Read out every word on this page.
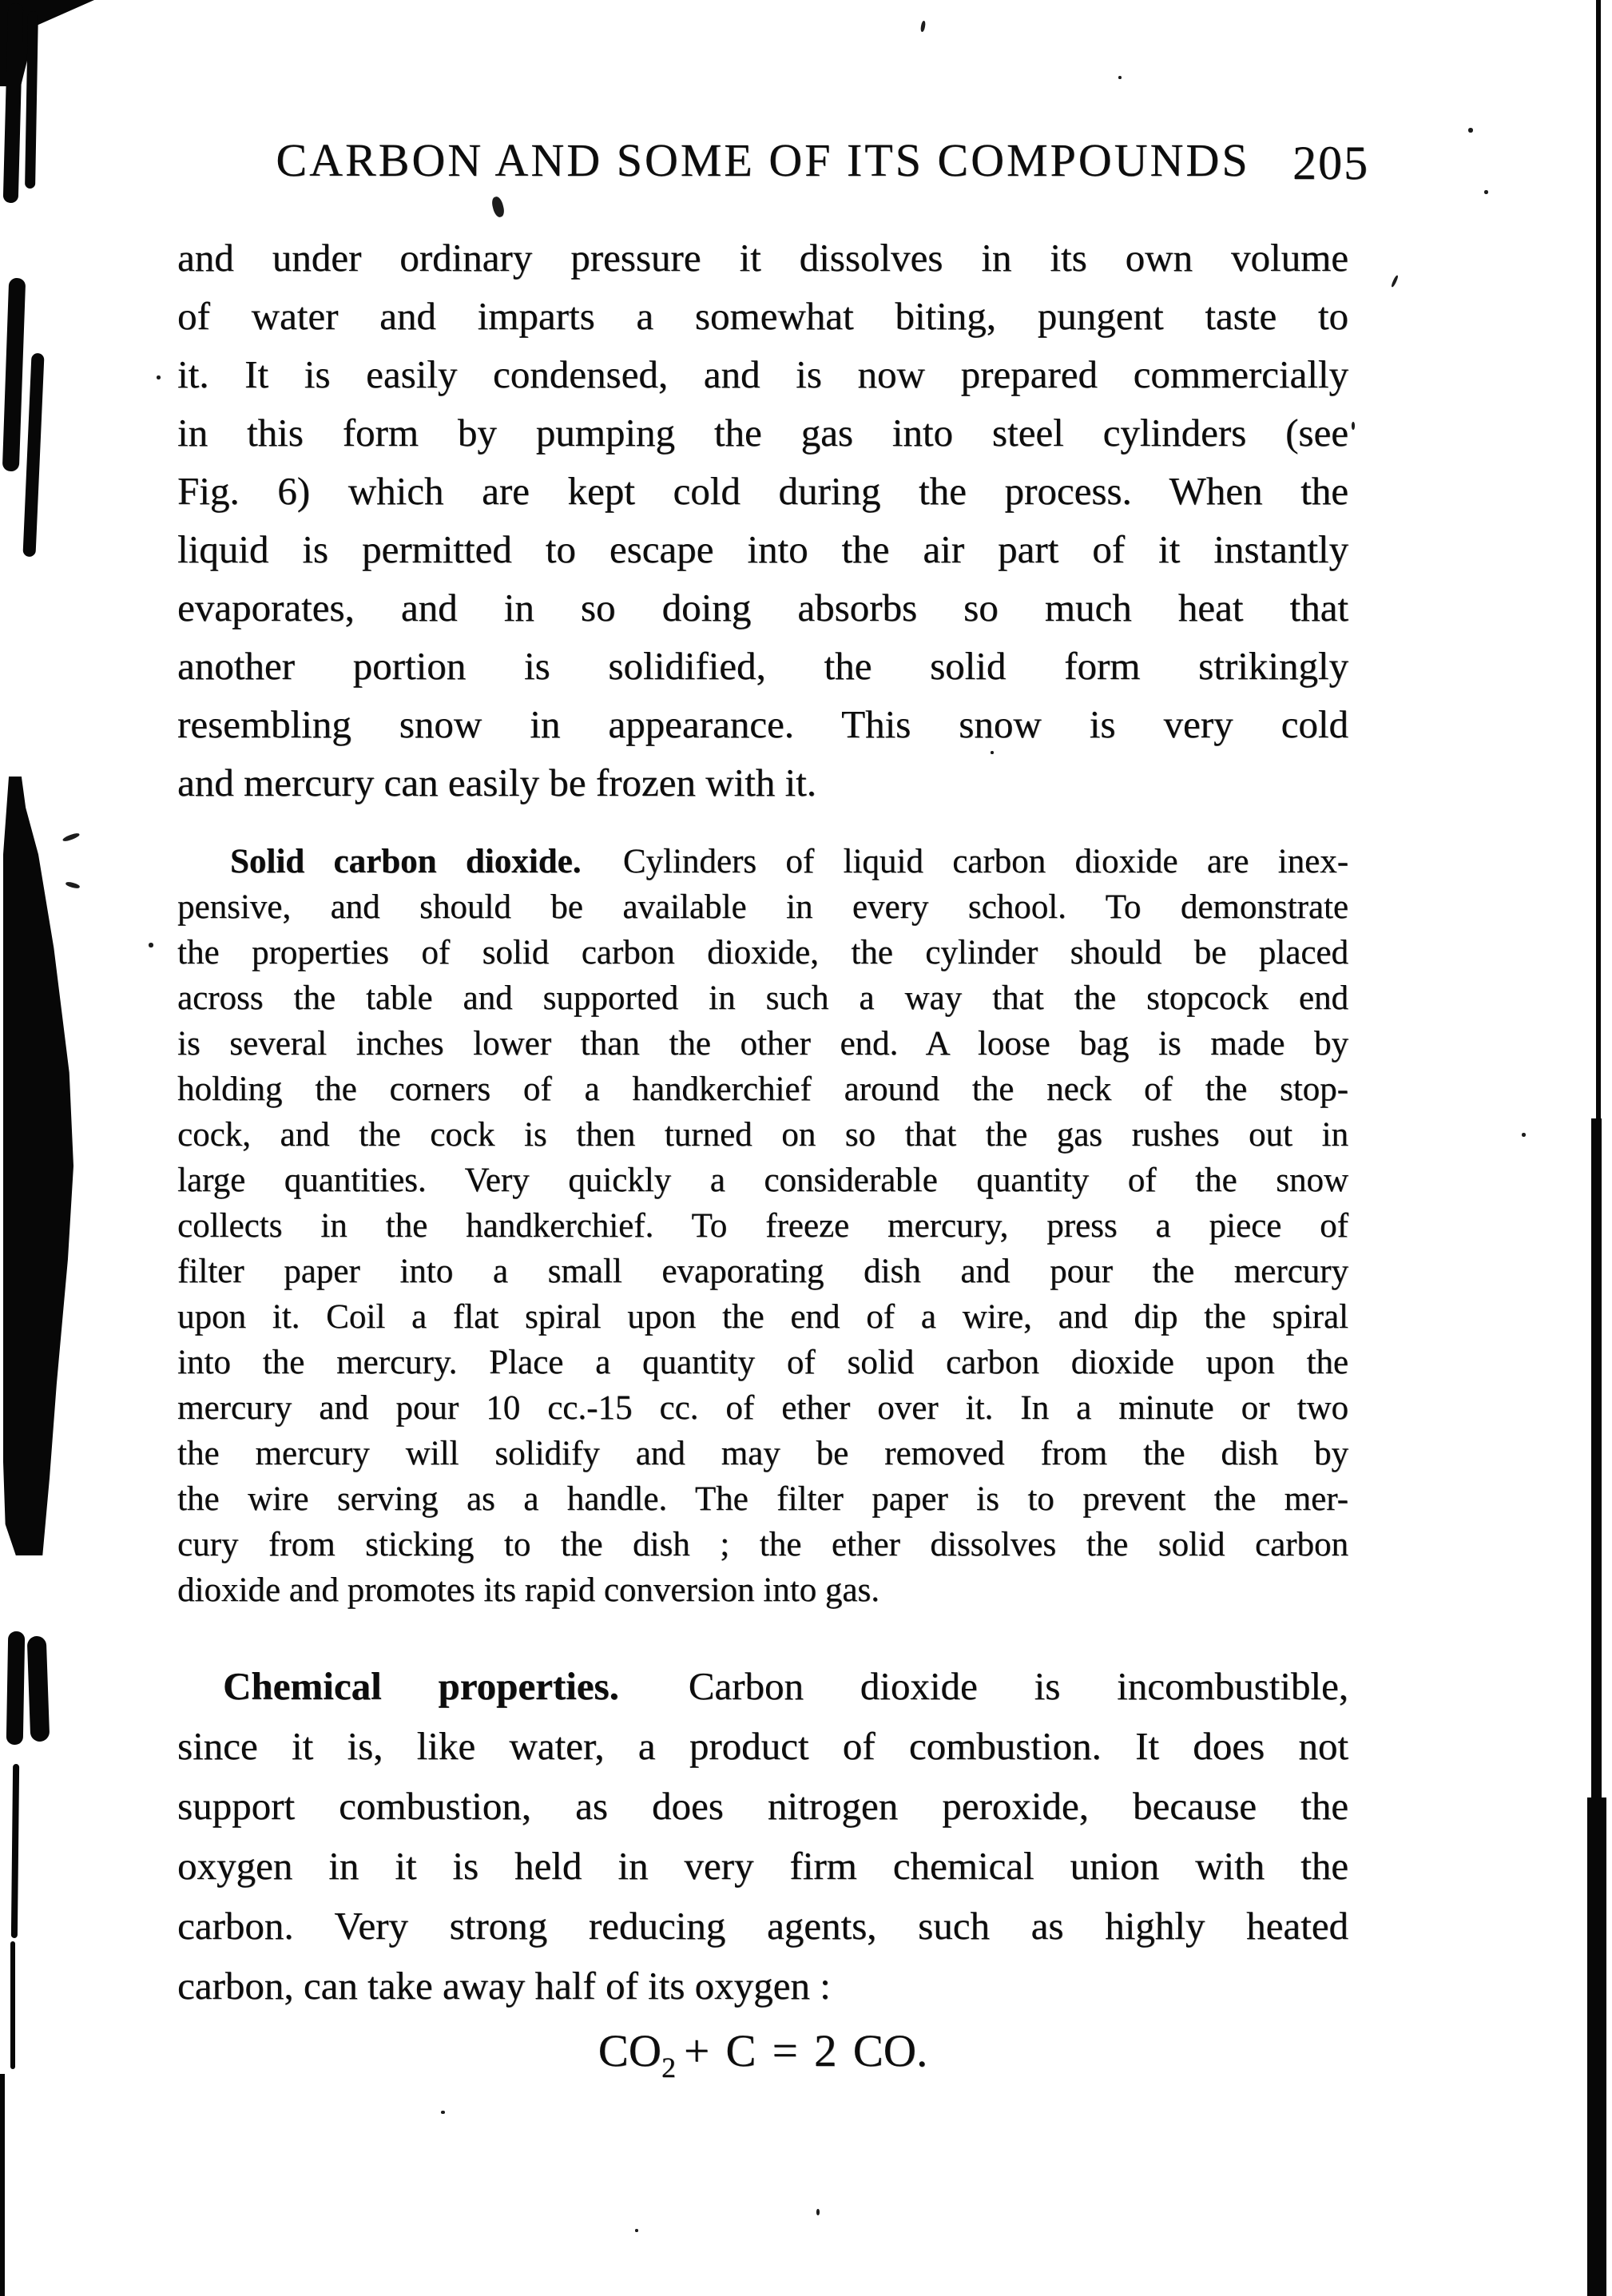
CARBON AND SOME OF ITS COMPOUNDS 205
and under ordinary pressure it dissolves in its own volume
of water and imparts a somewhat biting, pungent taste to
it. It is easily condensed, and is now prepared commercially
in this form by pumping the gas into steel cylinders (see
Fig. 6) which are kept cold during the process. When the
liquid is permitted to escape into the air part of it instantly
evaporates, and in so doing absorbs so much heat that
another portion is solidified, the solid form strikingly
resembling snow in appearance. This snow is very cold
and mercury can easily be frozen with it.
Solid carbon dioxide. Cylinders of liquid carbon dioxide are inex-
pensive, and should be available in every school. To demonstrate
the properties of solid carbon dioxide, the cylinder should be placed
across the table and supported in such a way that the stopcock end
is several inches lower than the other end. A loose bag is made by
holding the corners of a handkerchief around the neck of the stop-
cock, and the cock is then turned on so that the gas rushes out in
large quantities. Very quickly a considerable quantity of the snow
collects in the handkerchief. To freeze mercury, press a piece of
filter paper into a small evaporating dish and pour the mercury
upon it. Coil a flat spiral upon the end of a wire, and dip the spiral
into the mercury. Place a quantity of solid carbon dioxide upon the
mercury and pour 10 cc.-15 cc. of ether over it. In a minute or two
the mercury will solidify and may be removed from the dish by
the wire serving as a handle. The filter paper is to prevent the mer-
cury from sticking to the dish ; the ether dissolves the solid carbon
dioxide and promotes its rapid conversion into gas.
Chemical properties. Carbon dioxide is incombustible,
since it is, like water, a product of combustion. It does not
support combustion, as does nitrogen peroxide, because the
oxygen in it is held in very firm chemical union with the
carbon. Very strong reducing agents, such as highly heated
carbon, can take away half of its oxygen :
$CO_2 + C = 2$ CO.
